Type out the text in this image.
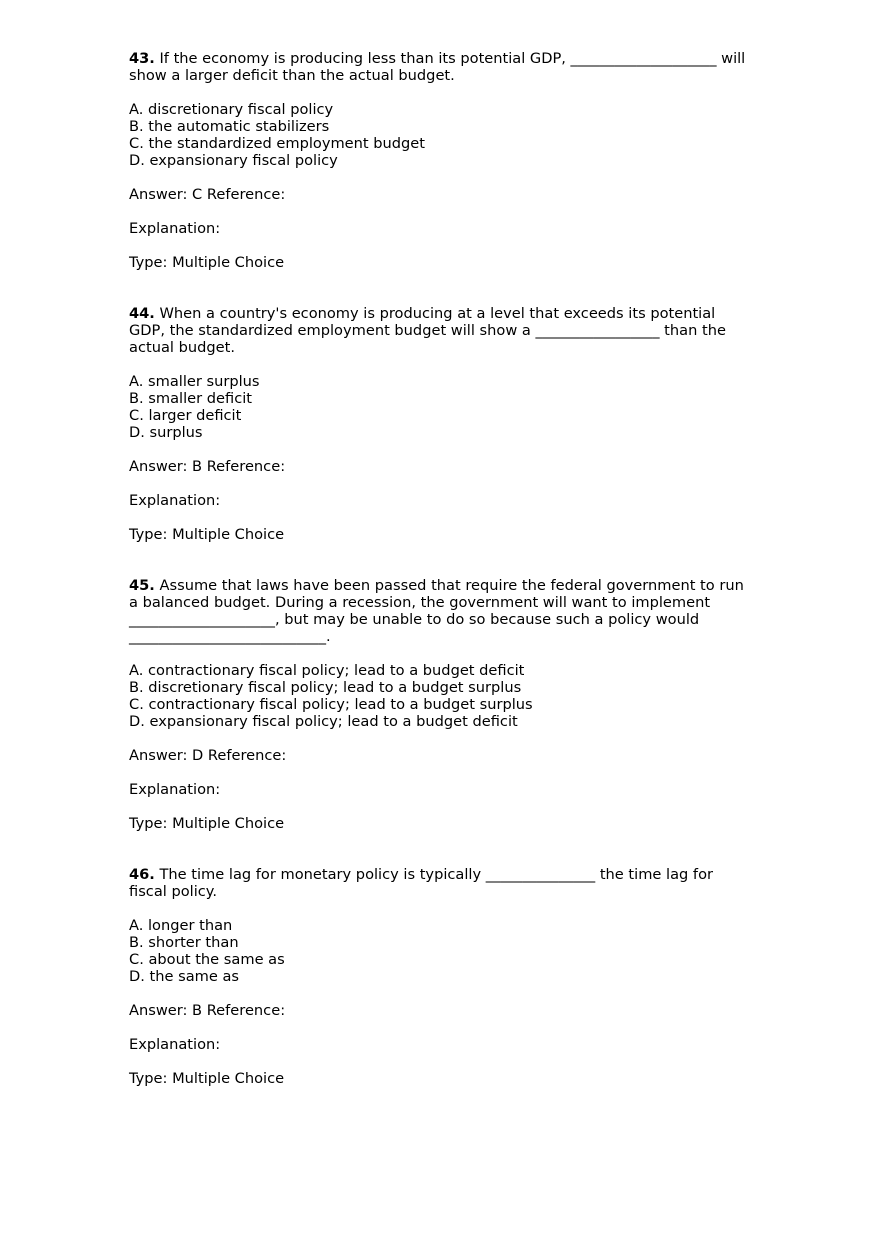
43. If the economy is producing less than its potential GDP, ____________________ will show a larger deficit than the actual budget.

A. discretionary fiscal policy
B. the automatic stabilizers
C. the standardized employment budget
D. expansionary fiscal policy

Answer: C Reference:

Explanation:

Type: Multiple Choice

44. When a country's economy is producing at a level that exceeds its potential GDP, the standardized employment budget will show a _________________ than the actual budget.

A. smaller surplus
B. smaller deficit
C. larger deficit
D. surplus

Answer: B Reference:

Explanation:

Type: Multiple Choice

45. Assume that laws have been passed that require the federal government to run a balanced budget. During a recession, the government will want to implement ____________________, but may be unable to do so because such a policy would ___________________________.

A. contractionary fiscal policy; lead to a budget deficit
B. discretionary fiscal policy; lead to a budget surplus
C. contractionary fiscal policy; lead to a budget surplus
D. expansionary fiscal policy; lead to a budget deficit

Answer: D Reference:

Explanation:

Type: Multiple Choice

46. The time lag for monetary policy is typically _______________ the time lag for fiscal policy.

A. longer than
B. shorter than
C. about the same as
D. the same as

Answer: B Reference:

Explanation:

Type: Multiple Choice
